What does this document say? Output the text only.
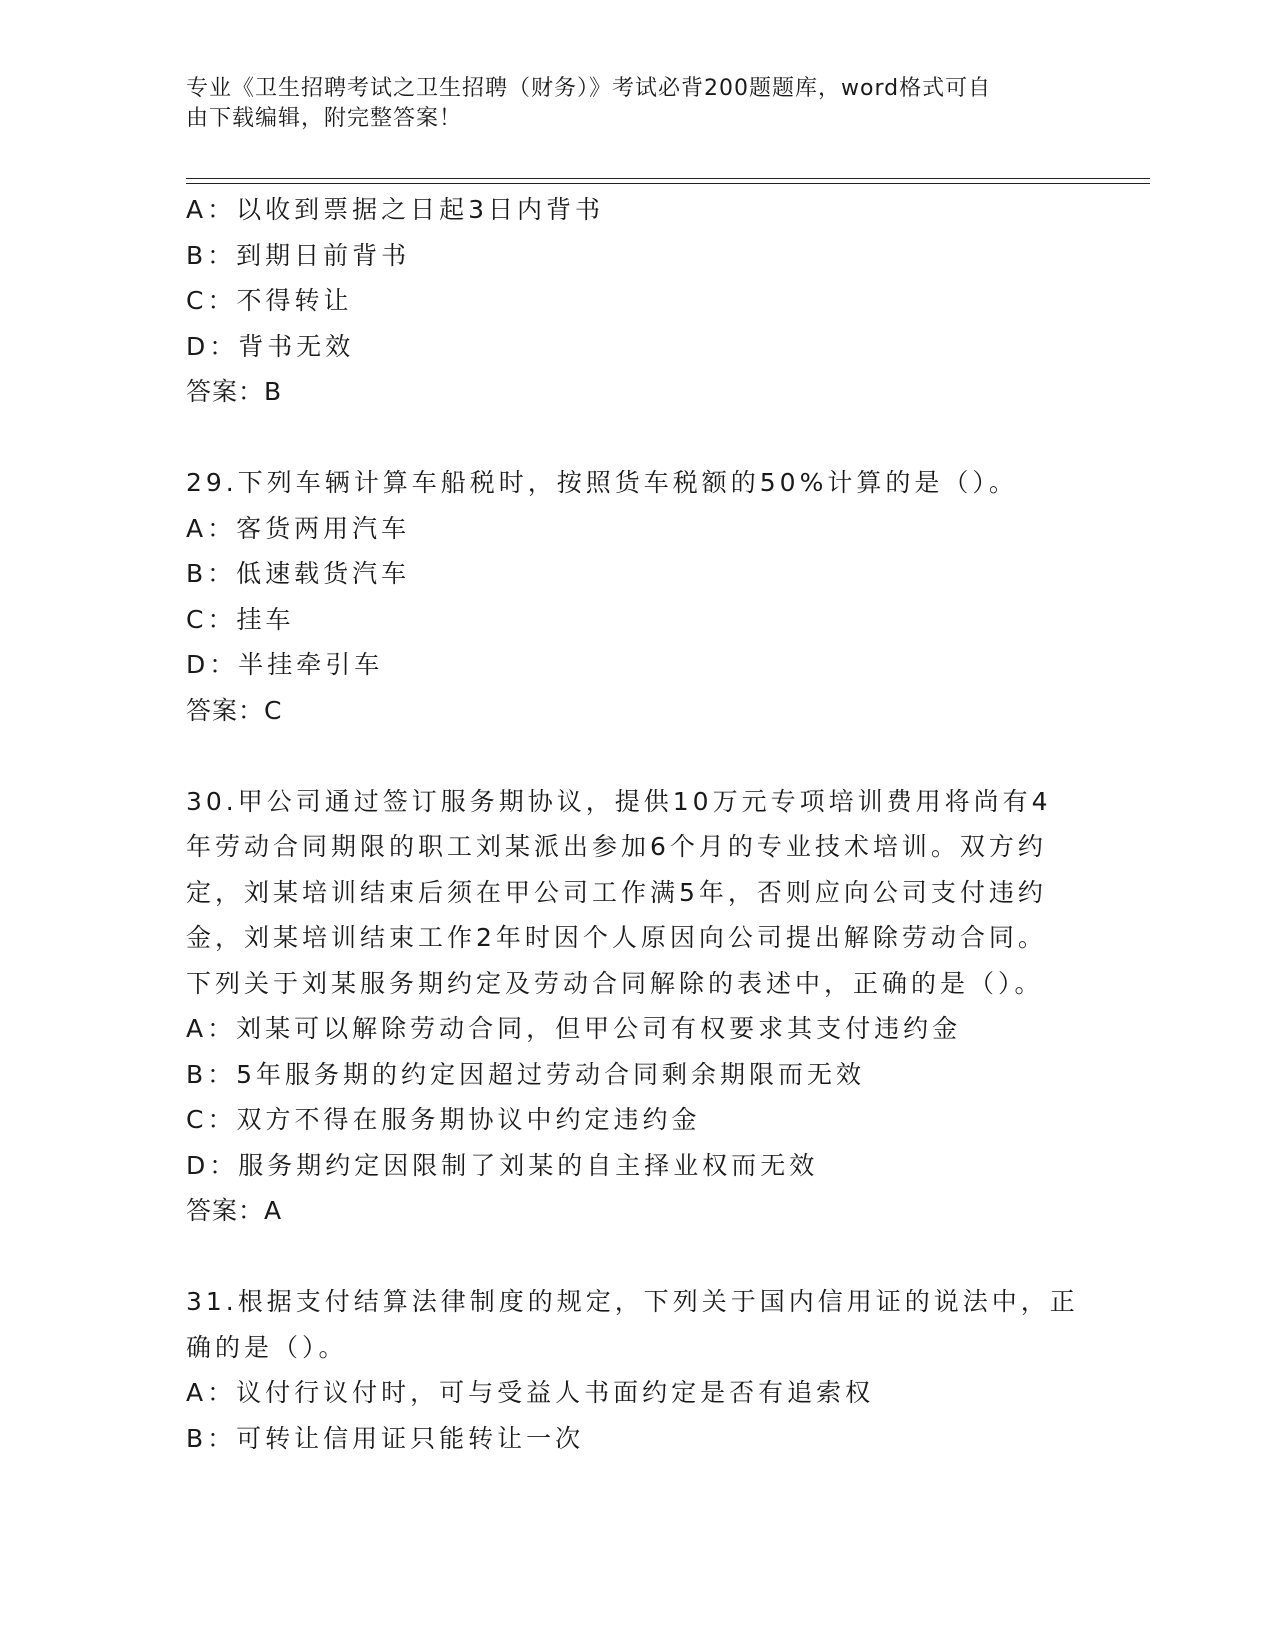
专业《卫生招聘考试之卫生招聘（财务）》考试必背200题题库，word格式可自
由下载编辑，附完整答案！

A：以收到票据之日起3日内背书

B：到期日前背书

C：不得转让

D：背书无效

答案：B

29.下列车辆计算车船税时，按照货车税额的50%计算的是（）。

A：客货两用汽车

B：低速载货汽车

C：挂车

D：半挂牵引车

答案：C

30.甲公司通过签订服务期协议，提供10万元专项培训费用将尚有4

年劳动合同期限的职工刘某派出参加6个月的专业技术培训。双方约

定，刘某培训结束后须在甲公司工作满5年，否则应向公司支付违约

金，刘某培训结束工作2年时因个人原因向公司提出解除劳动合同。

下列关于刘某服务期约定及劳动合同解除的表述中，正确的是（）。

A：刘某可以解除劳动合同，但甲公司有权要求其支付违约金

B：5年服务期的约定因超过劳动合同剩余期限而无效

C：双方不得在服务期协议中约定违约金

D：服务期约定因限制了刘某的自主择业权而无效

答案：A

31.根据支付结算法律制度的规定，下列关于国内信用证的说法中，正

确的是（）。

A：议付行议付时，可与受益人书面约定是否有追索权

B：可转让信用证只能转让一次
